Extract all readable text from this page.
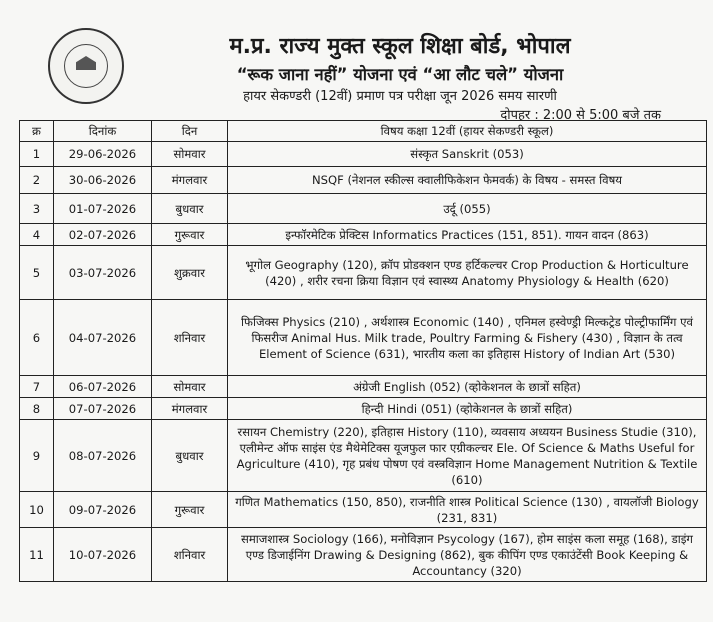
म.प्र. राज्य मुक्त स्कूल शिक्षा बोर्ड, भोपाल
“रूक जाना नहीं” योजना एवं “आ लौट चले” योजना
हायर सेकण्डरी (12वीं) प्रमाण पत्र परीक्षा जून 2026 समय सारणी
दोपहर : 2:00 से 5:00 बजे तक
क्र	दिनांक	दिन	विषय कक्षा 12वीं (हायर सेकण्डरी स्कूल)
1	29-06-2026	सोमवार	संस्कृत Sanskrit (053)
2	30-06-2026	मंगलवार	NSQF (नेशनल स्कील्स क्वालीफिकेशन फेमवर्क) के विषय - समस्त विषय
3	01-07-2026	बुधवार	उर्दू (055)
4	02-07-2026	गुरूवार	इन्फॉरमेटिक प्रेक्टिस Informatics Practices (151, 851). गायन वादन (863)
5	03-07-2026	शुक्रवार	भूगोल Geography (120), क्रॉप प्रोडक्शन एण्ड हर्टिकल्चर Crop Production & Horticulture (420) , शरीर रचना क्रिया विज्ञान एवं स्वास्थ्य Anatomy Physiology & Health (620)
6	04-07-2026	शनिवार	फिजिक्स Physics (210) , अर्थशास्त्र Economic (140) , एनिमल हस्वेण्ड्री मिल्कट्रेड पोल्ट्रीफार्मिंग एवं फिसरीज Animal Hus. Milk trade, Poultry Farming & Fishery (430) , विज्ञान के तत्व Element of Science (631), भारतीय कला का इतिहास History of Indian Art (530)
7	06-07-2026	सोमवार	अंग्रेजी English (052) (व्होकेशनल के छात्रों सहित)
8	07-07-2026	मंगलवार	हिन्दी Hindi (051) (व्होकेशनल के छात्रों सहित)
9	08-07-2026	बुधवार	रसायन Chemistry (220), इतिहास History (110), व्यवसाय अध्ययन Business Studie (310), एलीमेन्ट ऑफ साइंस एंड मैथेमेटिक्स यूजफुल फार एग्रीकल्चर Ele. Of Science & Maths Useful for Agriculture (410), गृह प्रबंध पोषण एवं वस्त्रविज्ञान Home Management Nutrition & Textile (610)
10	09-07-2026	गुरूवार	गणित Mathematics (150, 850), राजनीति शास्त्र Political Science (130) , वायलॉजी Biology (231, 831)
11	10-07-2026	शनिवार	समाजशास्त्र Sociology (166), मनोविज्ञान Psycology (167), होम साइंस कला समूह (168), डाइंग एण्ड डिजाईनिंग Drawing & Designing (862), बुक कीपिंग एण्ड एकाउंटेंसी Book Keeping & Accountancy (320)
